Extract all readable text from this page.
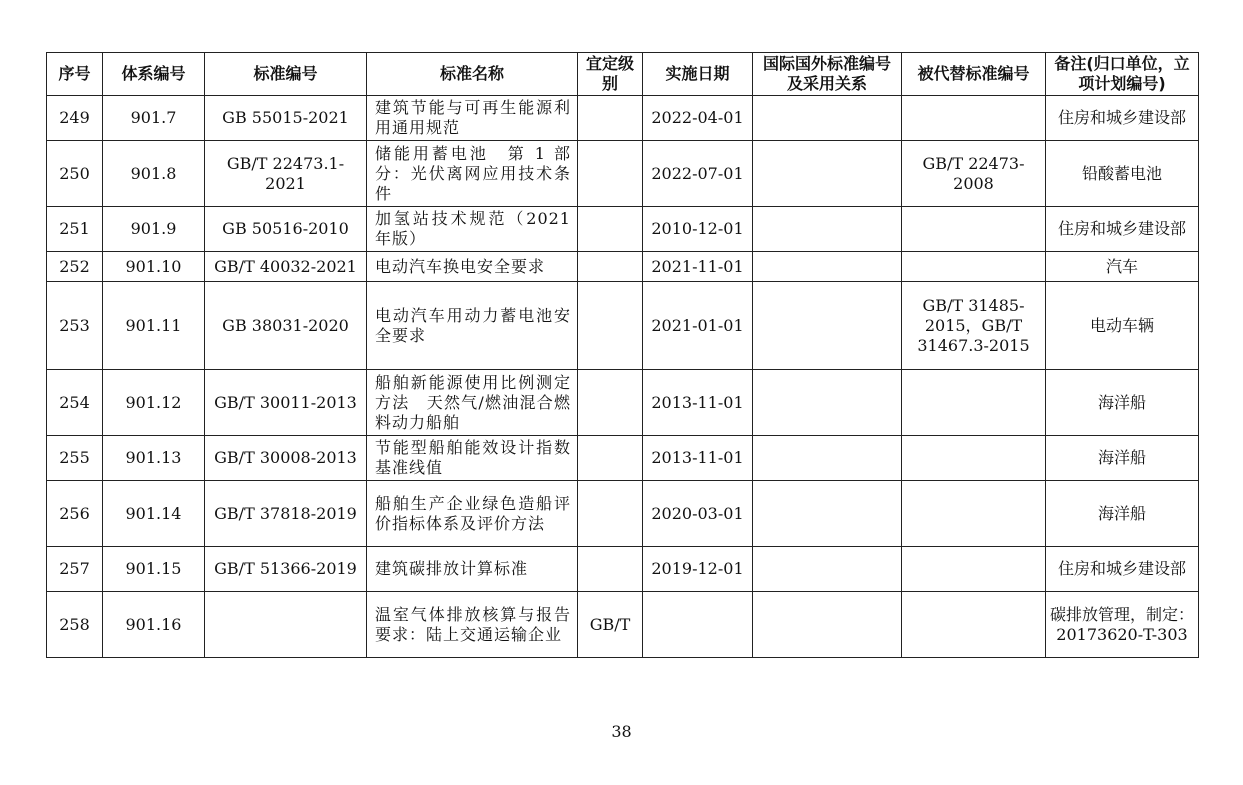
序号	体系编号	标准编号	标准名称	宜定级别	实施日期	国际国外标准编号及采用关系	被代替标准编号	备注(归口单位，立项计划编号)
249	901.7	GB 55015-2021	建筑节能与可再生能源利用通用规范		2022-04-01			住房和城乡建设部
250	901.8	GB/T 22473.1-2021	储能用蓄电池　第 1 部分：光伏离网应用技术条件		2022-07-01		GB/T 22473-2008	铅酸蓄电池
251	901.9	GB 50516-2010	加氢站技术规范（2021年版）		2010-12-01			住房和城乡建设部
252	901.10	GB/T 40032-2021	电动汽车换电安全要求		2021-11-01			汽车
253	901.11	GB 38031-2020	电动汽车用动力蓄电池安全要求		2021-01-01		GB/T 31485-2015，GB/T 31467.3-2015	电动车辆
254	901.12	GB/T 30011-2013	船舶新能源使用比例测定方法　天然气/燃油混合燃料动力船舶		2013-11-01			海洋船
255	901.13	GB/T 30008-2013	节能型船舶能效设计指数基准线值		2013-11-01			海洋船
256	901.14	GB/T 37818-2019	船舶生产企业绿色造船评价指标体系及评价方法		2020-03-01			海洋船
257	901.15	GB/T 51366-2019	建筑碳排放计算标准		2019-12-01			住房和城乡建设部
258	901.16		温室气体排放核算与报告要求：陆上交通运输企业	GB/T				碳排放管理，制定：20173620-T-303
38
